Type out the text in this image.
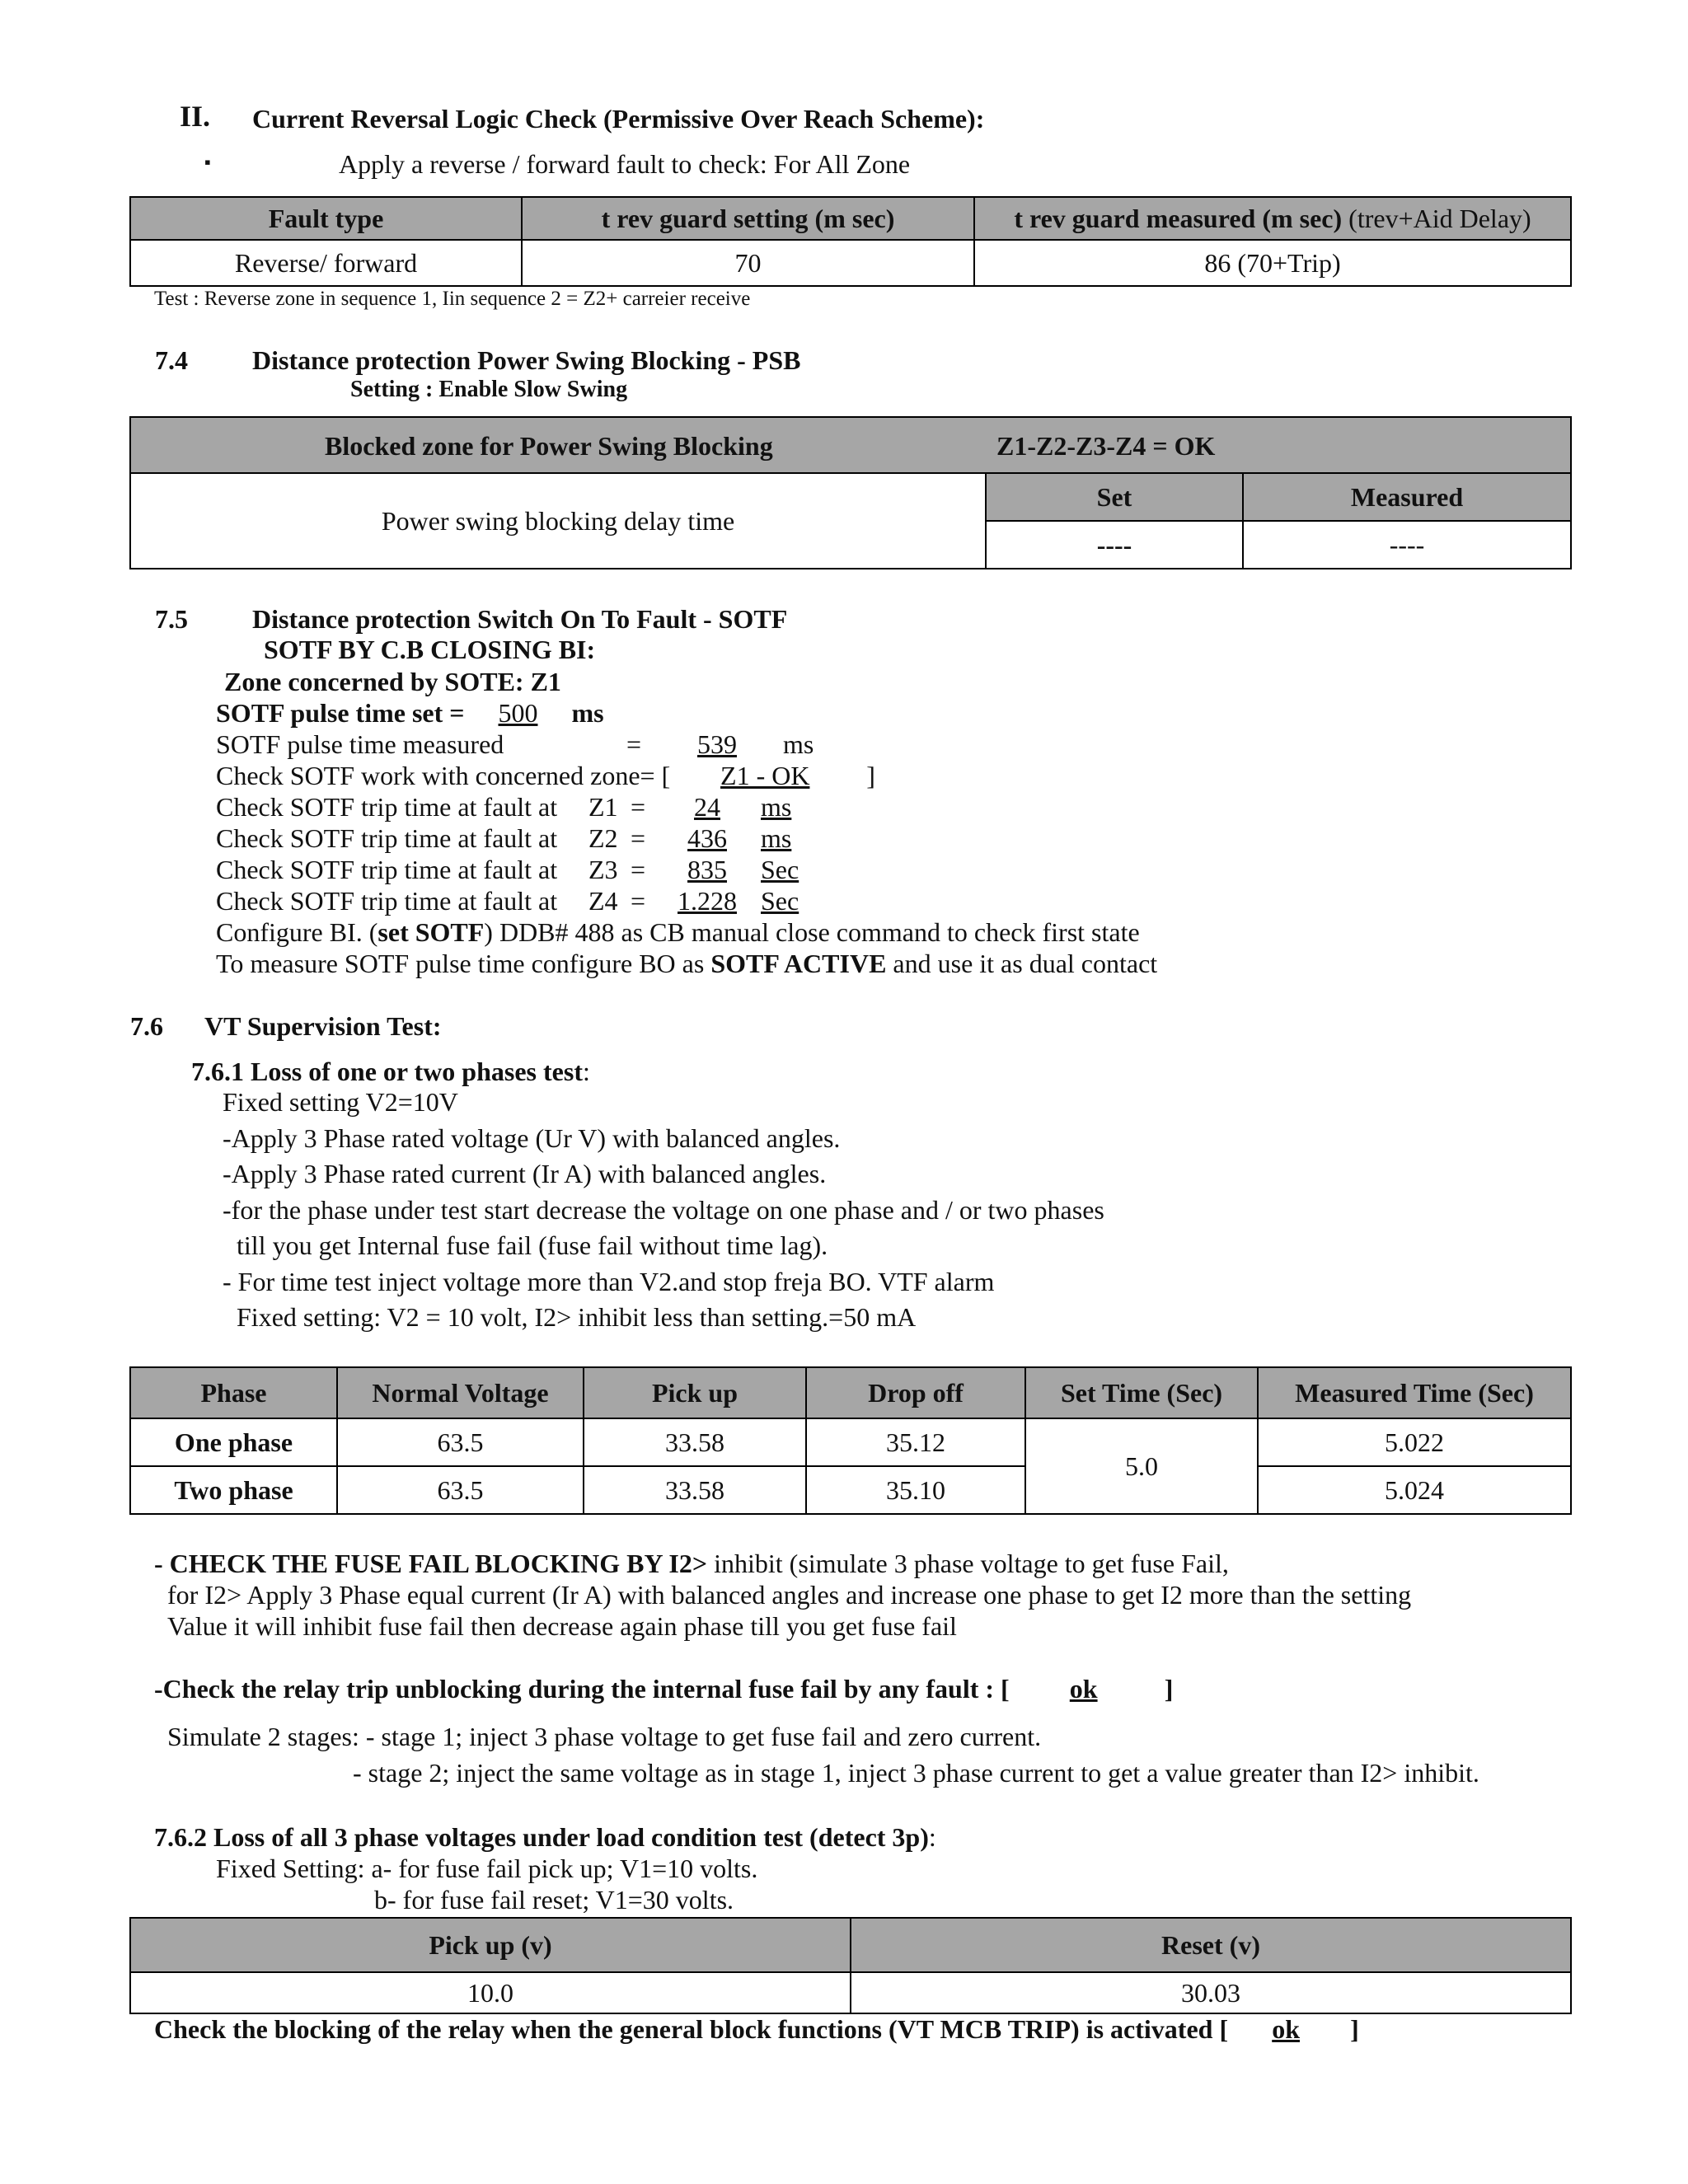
II. Current Reversal Logic Check (Permissive Over Reach Scheme):
▪	Apply a reverse / forward fault to check: For All Zone
Fault type	t rev guard setting (m sec)	t rev guard measured (m sec) (trev+Aid Delay)
Reverse/ forward	70	86 (70+Trip)
Test : Reverse zone in sequence 1, Iin sequence 2 = Z2+ carreier receive
7.4 Distance protection Power Swing Blocking - PSB
Setting : Enable Slow Swing
Blocked zone for Power Swing Blocking Z1-Z2-Z3-Z4 = OK		

Power swing blocking delay time	Set	Measured
	----	----
7.5 Distance protection Switch On To Fault - SOTF
SOTF BY C.B CLOSING BI:
Zone concerned by SOTE: Z1
SOTF pulse time set = 500 ms
SOTF pulse time measured	=	539 ms
Check SOTF work with concerned zone= [ Z1 - OK ]
Check SOTF trip time at fault at Z1 =	24 ms
Check SOTF trip time at fault at Z2 =	436 ms
Check SOTF trip time at fault at Z3 =	835 Sec
Check SOTF trip time at fault at Z4 =	1.228 Sec
Configure BI. (set SOTF) DDB# 488 as CB manual close command to check first state
To measure SOTF pulse time configure BO as SOTF ACTIVE and use it as dual contact
7.6 VT Supervision Test:
7.6.1 Loss of one or two phases test:
Fixed setting V2=10V
-Apply 3 Phase rated voltage (Ur V) with balanced angles.
-Apply 3 Phase rated current (Ir A) with balanced angles.
-for the phase under test start decrease the voltage on one phase and / or two phases
till you get Internal fuse fail (fuse fail without time lag).
- For time test inject voltage more than V2.and stop freja BO. VTF alarm
Fixed setting: V2 = 10 volt, I2> inhibit less than setting.=50 mA
Phase	Normal Voltage	Pick up	Drop off	Set Time (Sec)	Measured Time (Sec)
One phase	63.5	33.58	35.12	5.0	5.022
Two phase	63.5	33.58	35.10		5.024
- CHECK THE FUSE FAIL BLOCKING BY I2> inhibit (simulate 3 phase voltage to get fuse Fail,
for I2> Apply 3 Phase equal current (Ir A) with balanced angles and increase one phase to get I2 more than the setting
Value it will inhibit fuse fail then decrease again phase till you get fuse fail
-Check the relay trip unblocking during the internal fuse fail by any fault : [ ok	]
Simulate 2 stages: - stage 1; inject 3 phase voltage to get fuse fail and zero current.
- stage 2; inject the same voltage as in stage 1, inject 3 phase current to get a value greater than I2> inhibit.
7.6.2 Loss of all 3 phase voltages under load condition test (detect 3p):
Fixed Setting: a- for fuse fail pick up; V1=10 volts.
b- for fuse fail reset; V1=30 volts.
Pick up (v)	Reset (v)
10.0	30.03
Check the blocking of the relay when the general block functions (VT MCB TRIP) is activated [ ok ]
